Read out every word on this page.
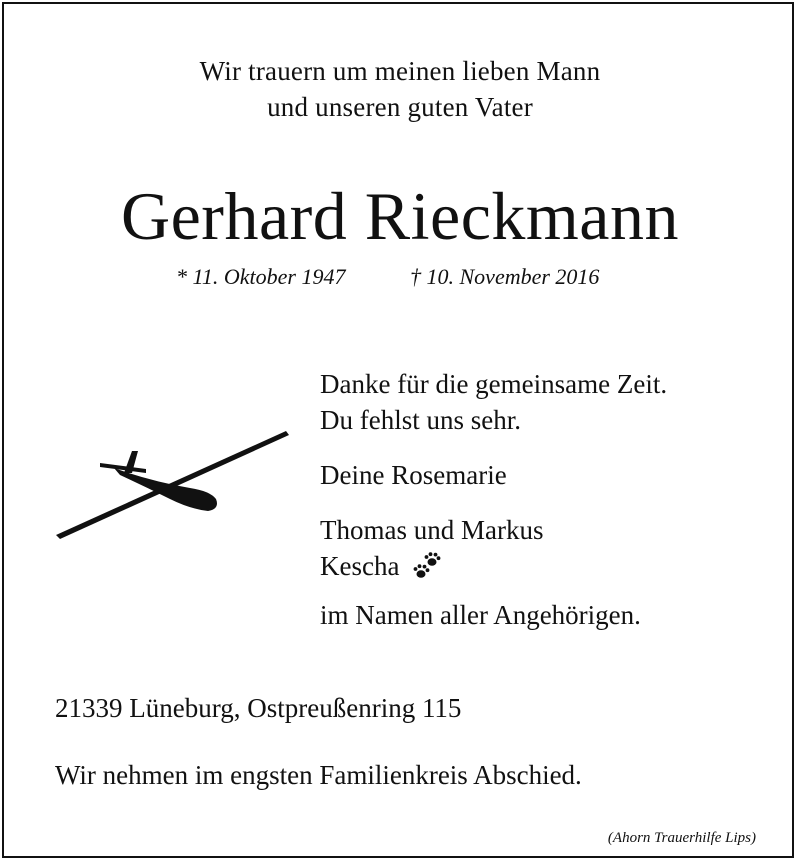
Wir trauern um meinen lieben Mann
und unseren guten Vater
Gerhard Rieckmann
* 11. Oktober 1947	† 10. November 2016
Danke für die gemeinsame Zeit.
Du fehlst uns sehr.
Deine Rosemarie
Thomas und Markus
Kescha
im Namen aller Angehörigen.
21339 Lüneburg, Ostpreußenring 115
Wir nehmen im engsten Familienkreis Abschied.
(Ahorn Trauerhilfe Lips)
